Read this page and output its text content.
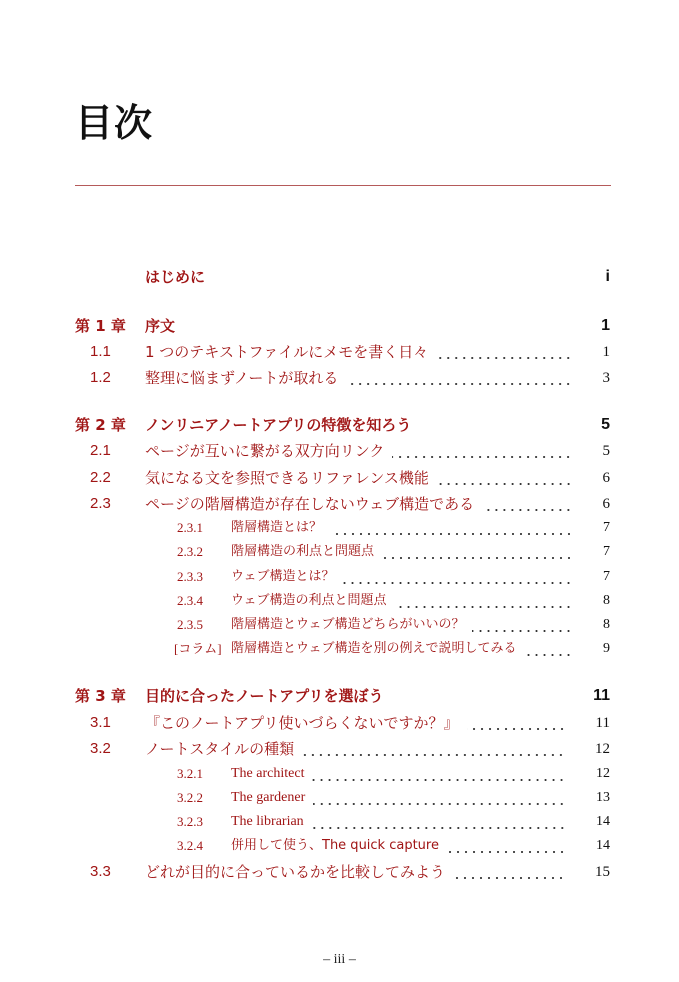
目次
はじめに	i
第 1 章 序文	1
1.1 1 つのテキストファイルにメモを書く日々	1
1.2 整理に悩まずノートが取れる	3
第 2 章 ノンリニアノートアプリの特徴を知ろう	5
2.1 ページが互いに繋がる双方向リンク	5
2.2 気になる文を参照できるリファレンス機能	6
2.3 ページの階層構造が存在しないウェブ構造である	6
2.3.1 階層構造とは？	7
2.3.2 階層構造の利点と問題点	7
2.3.3 ウェブ構造とは？	7
2.3.4 ウェブ構造の利点と問題点	8
2.3.5 階層構造とウェブ構造どちらがいいの？	8
[コラム] 階層構造とウェブ構造を別の例えで説明してみる	9
第 3 章 目的に合ったノートアプリを選ぼう	11
3.1 『このノートアプリ使いづらくないですか？』	11
3.2 ノートスタイルの種類	12
3.2.1 The architect	12
3.2.2 The gardener	13
3.2.3 The librarian	14
3.2.4 併用して使う、The quick capture	14
3.3 どれが目的に合っているかを比較してみよう	15
– iii –
